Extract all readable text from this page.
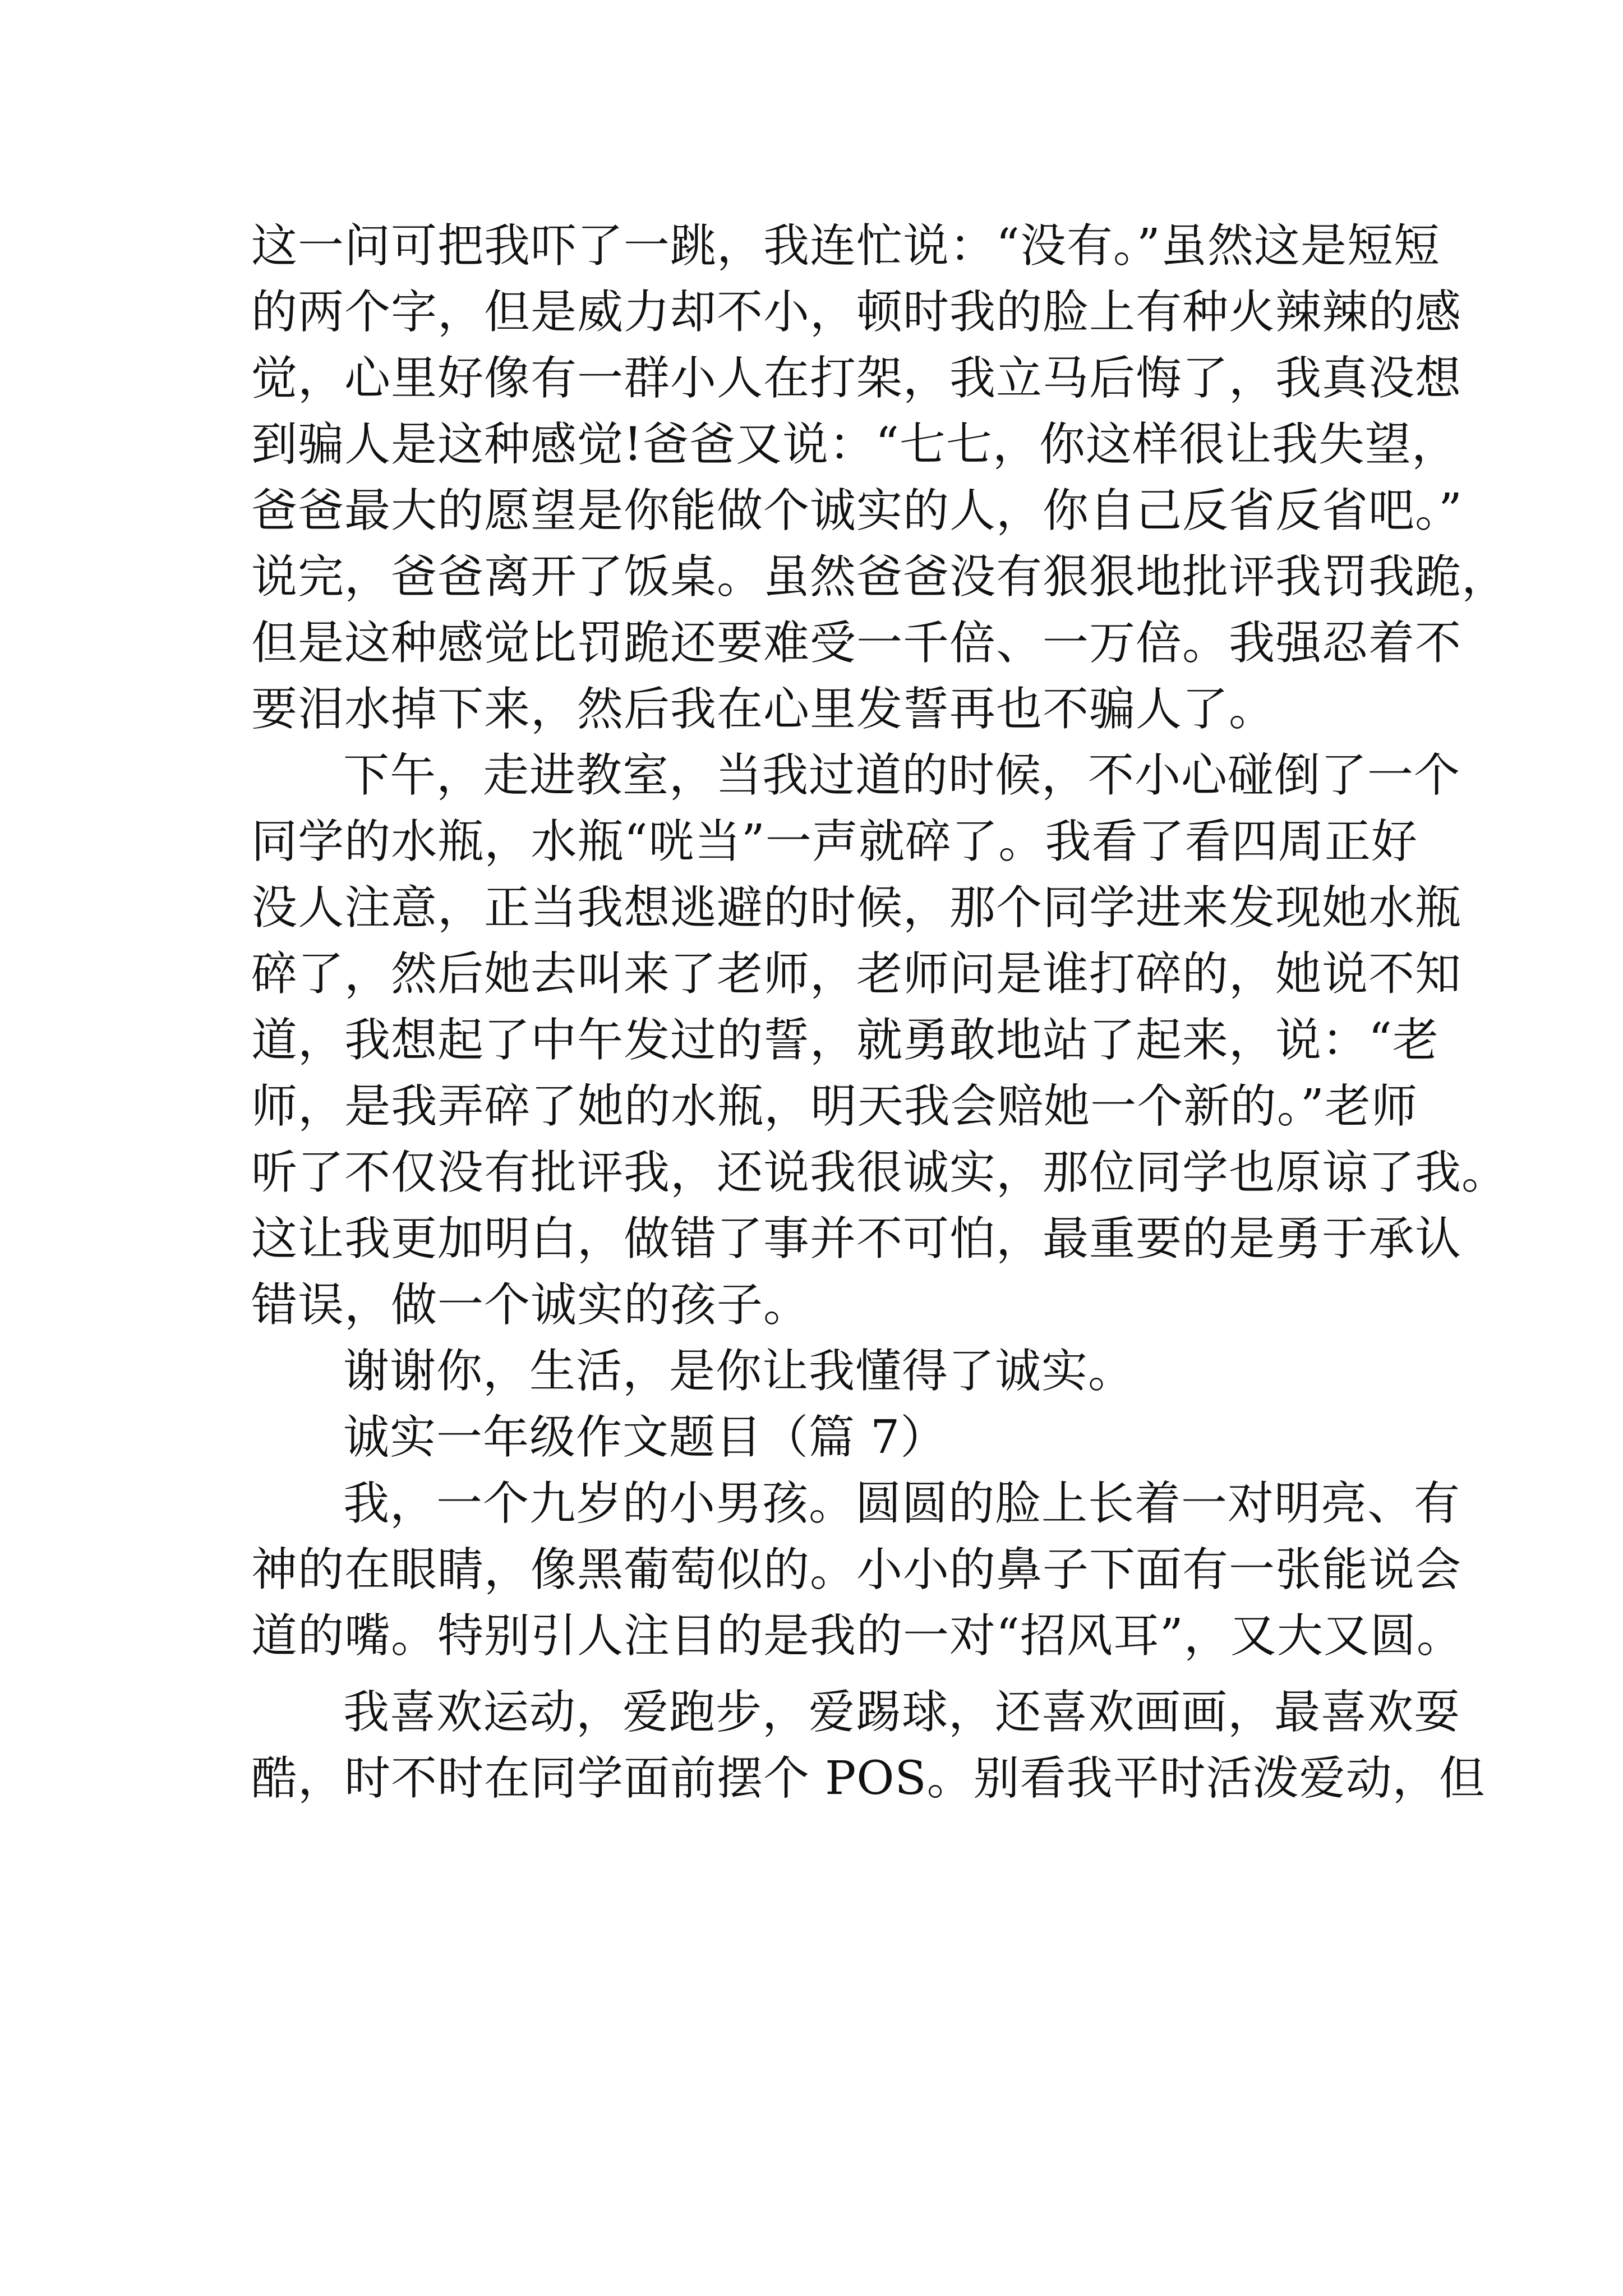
这一问可把我吓了一跳，我连忙说：“没有。”虽然这是短短
的两个字，但是威力却不小，顿时我的脸上有种火辣辣的感
觉，心里好像有一群小人在打架，我立马后悔了，我真没想
到骗人是这种感觉!爸爸又说：“七七，你这样很让我失望，
爸爸最大的愿望是你能做个诚实的人，你自己反省反省吧。”
说完，爸爸离开了饭桌。虽然爸爸没有狠狠地批评我罚我跪，
但是这种感觉比罚跪还要难受一千倍、一万倍。我强忍着不
要泪水掉下来，然后我在心里发誓再也不骗人了。
下午，走进教室，当我过道的时候，不小心碰倒了一个
同学的水瓶，水瓶“咣当”一声就碎了。我看了看四周正好
没人注意，正当我想逃避的时候，那个同学进来发现她水瓶
碎了，然后她去叫来了老师，老师问是谁打碎的，她说不知
道，我想起了中午发过的誓，就勇敢地站了起来，说：“老
师，是我弄碎了她的水瓶，明天我会赔她一个新的。”老师
听了不仅没有批评我，还说我很诚实，那位同学也原谅了我。
这让我更加明白，做错了事并不可怕，最重要的是勇于承认
错误，做一个诚实的孩子。
谢谢你，生活，是你让我懂得了诚实。
诚实一年级作文题目（篇 7）
我，一个九岁的小男孩。圆圆的脸上长着一对明亮、有
神的在眼睛，像黑葡萄似的。小小的鼻子下面有一张能说会
道的嘴。特别引人注目的是我的一对“招风耳”，又大又圆。
我喜欢运动，爱跑步，爱踢球，还喜欢画画，最喜欢耍
酷，时不时在同学面前摆个 POS。别看我平时活泼爱动，但
